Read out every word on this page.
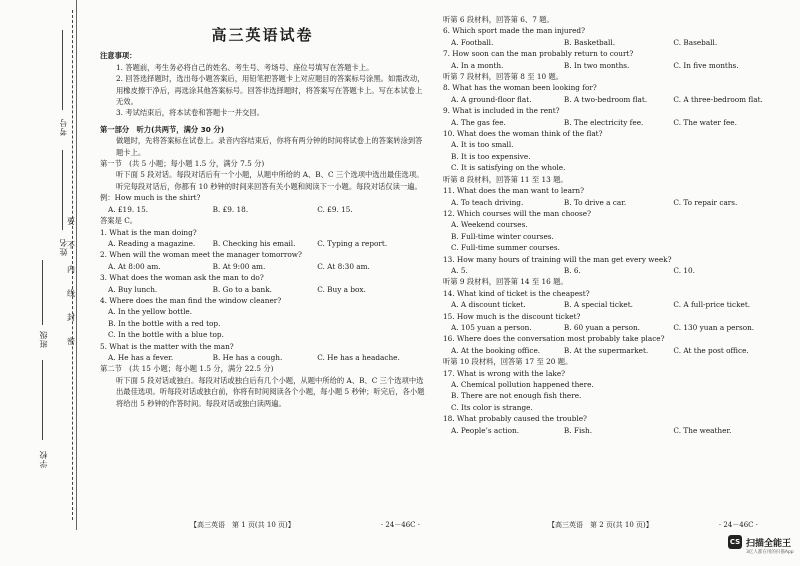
考号
姓名
班级
学校
要
不
内
线
封
密
高三英语试卷

注意事项：

1. 答题前，考生务必将自己的姓名、考生号、考场号、座位号填写在答题卡上。

2. 回答选择题时，选出每小题答案后，用铅笔把答题卡上对应题目的答案标号涂黑。如需改动，用橡皮擦干净后，再选涂其他答案标号。回答非选择题时，将答案写在答题卡上。写在本试卷上无效。

3. 考试结束后，将本试卷和答题卡一并交回。

第一部分　听力(共两节，满分 30 分)

做题时，先将答案标在试卷上。录音内容结束后，你将有两分钟的时间将试卷上的答案转涂到答题卡上。

第一节　(共 5 小题；每小题 1.5 分，满分 7.5 分)

听下面 5 段对话。每段对话后有一个小题，从题中所给的 A、B、C 三个选项中选出最佳选项。听完每段对话后，你都有 10 秒钟的时间来回答有关小题和阅读下一小题。每段对话仅读一遍。

例：How much is the shirt?

A. £19. 15.	B. £9. 18.	C. £9. 15.

答案是 C。

1. What is the man doing?

A. Reading a magazine.	B. Checking his email.	C. Typing a report.

2. When will the woman meet the manager tomorrow?

A. At 8:00 am.	B. At 9:00 am.	C. At 8:30 am.

3. What does the woman ask the man to do?

A. Buy lunch.	B. Go to a bank.	C. Buy a box.

4. Where does the man find the window cleaner?

A. In the yellow bottle.

B. In the bottle with a red top.

C. In the bottle with a blue top.

5. What is the matter with the man?

A. He has a fever.	B. He has a cough.	C. He has a headache.

第二节　(共 15 小题；每小题 1.5 分，满分 22.5 分)

听下面 5 段对话或独白。每段对话或独白后有几个小题，从题中所给的 A、B、C 三个选项中选出最佳选项。听每段对话或独白前，你将有时间阅读各个小题，每小题 5 秒钟；听完后，各小题将给出 5 秒钟的作答时间。每段对话或独白读两遍。

【高三英语　第 1 页(共 10 页)】	· 24－46C ·

听第 6 段材料，回答第 6、7 题。

6. Which sport made the man injured?

A. Football.	B. Basketball.	C. Baseball.

7. How soon can the man probably return to court?

A. In a month.	B. In two months.	C. In five months.

听第 7 段材料，回答第 8 至 10 题。

8. What has the woman been looking for?

A. A ground-floor flat.	B. A two-bedroom flat.	C. A three-bedroom flat.

9. What is included in the rent?

A. The gas fee.	B. The electricity fee.	C. The water fee.

10. What does the woman think of the flat?

A. It is too small.

B. It is too expensive.

C. It is satisfying on the whole.

听第 8 段材料，回答第 11 至 13 题。

11. What does the man want to learn?

A. To teach driving.	B. To drive a car.	C. To repair cars.

12. Which courses will the man choose?

A. Weekend courses.

B. Full-time winter courses.

C. Full-time summer courses.

13. How many hours of training will the man get every week?

A. 5.	B. 6.	C. 10.

听第 9 段材料，回答第 14 至 16 题。

14. What kind of ticket is the cheapest?

A. A discount ticket.	B. A special ticket.	C. A full-price ticket.

15. How much is the discount ticket?

A. 105 yuan a person.	B. 60 yuan a person.	C. 130 yuan a person.

16. Where does the conversation most probably take place?

A. At the booking office.	B. At the supermarket.	C. At the post office.

听第 10 段材料，回答第 17 至 20 题。

17. What is wrong with the lake?

A. Chemical pollution happened there.

B. There are not enough fish there.

C. Its color is strange.

18. What probably caused the trouble?

A. People’s action.	B. Fish.	C. The weather.
【高三英语　第 2 页(共 10 页)】	· 24－46C ·
CS 扫描全能王
3亿人都在用的扫描App
